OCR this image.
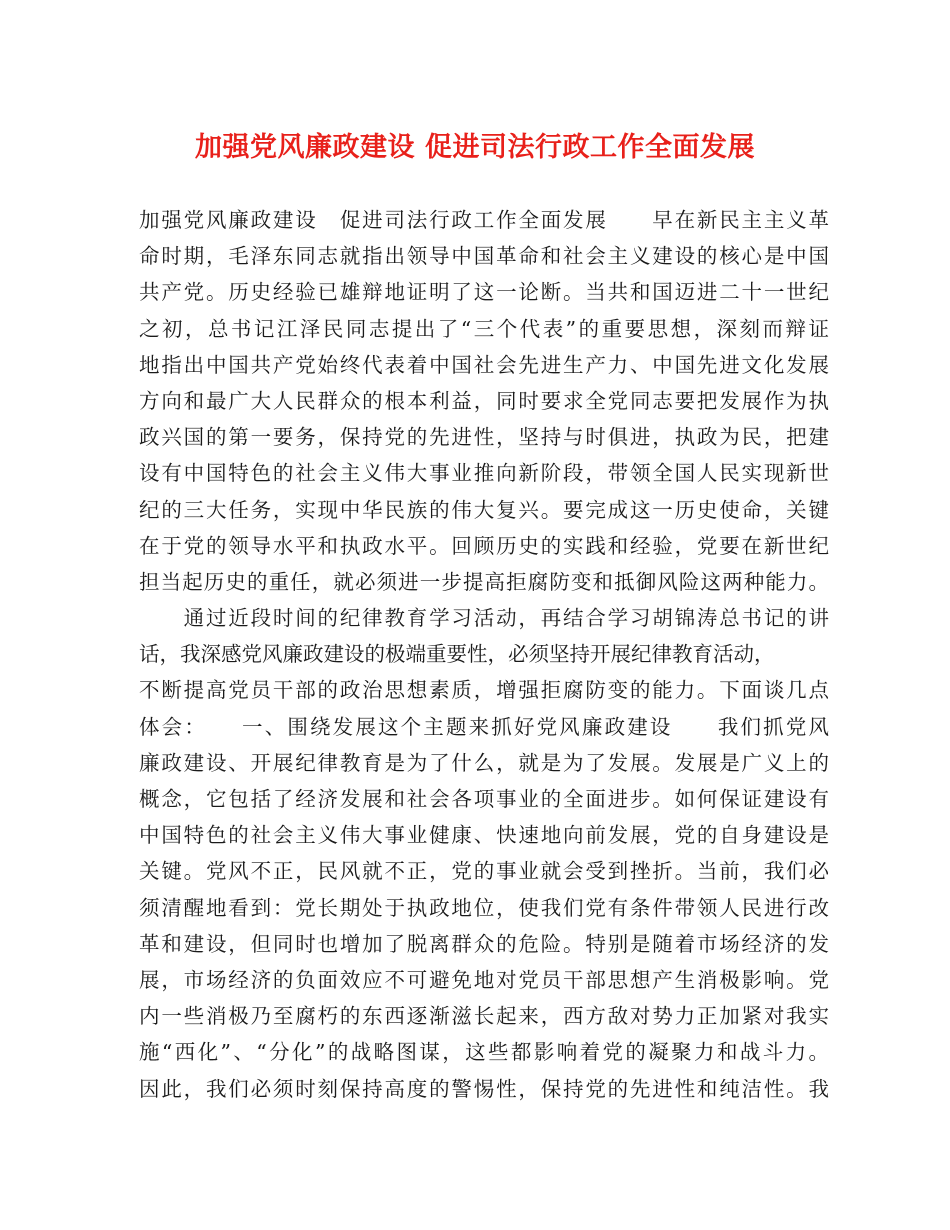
加强党风廉政建设 促进司法行政工作全面发展
加强党风廉政建设　促进司法行政工作全面发展　　早在新民主主义革
命时期，毛泽东同志就指出领导中国革命和社会主义建设的核心是中国
共产党。历史经验已雄辩地证明了这一论断。当共和国迈进二十一世纪
之初，总书记江泽民同志提出了“三个代表”的重要思想，深刻而辩证
地指出中国共产党始终代表着中国社会先进生产力、中国先进文化发展
方向和最广大人民群众的根本利益，同时要求全党同志要把发展作为执
政兴国的第一要务，保持党的先进性，坚持与时俱进，执政为民，把建
设有中国特色的社会主义伟大事业推向新阶段，带领全国人民实现新世
纪的三大任务，实现中华民族的伟大复兴。要完成这一历史使命，关键
在于党的领导水平和执政水平。回顾历史的实践和经验，党要在新世纪
担当起历史的重任，就必须进一步提高拒腐防变和抵御风险这两种能力。
　　通过近段时间的纪律教育学习活动，再结合学习胡锦涛总书记的讲
话，我深感党风廉政建设的极端重要性，必须坚持开展纪律教育活动，
不断提高党员干部的政治思想素质，增强拒腐防变的能力。下面谈几点
体会：　　一、围绕发展这个主题来抓好党风廉政建设　　我们抓党风
廉政建设、开展纪律教育是为了什么，就是为了发展。发展是广义上的
概念，它包括了经济发展和社会各项事业的全面进步。如何保证建设有
中国特色的社会主义伟大事业健康、快速地向前发展，党的自身建设是
关键。党风不正，民风就不正，党的事业就会受到挫折。当前，我们必
须清醒地看到：党长期处于执政地位，使我们党有条件带领人民进行改
革和建设，但同时也增加了脱离群众的危险。特别是随着市场经济的发
展，市场经济的负面效应不可避免地对党员干部思想产生消极影响。党
内一些消极乃至腐朽的东西逐渐滋长起来，西方敌对势力正加紧对我实
施“西化”、“分化”的战略图谋，这些都影响着党的凝聚力和战斗力。
因此，我们必须时刻保持高度的警惕性，保持党的先进性和纯洁性。我
